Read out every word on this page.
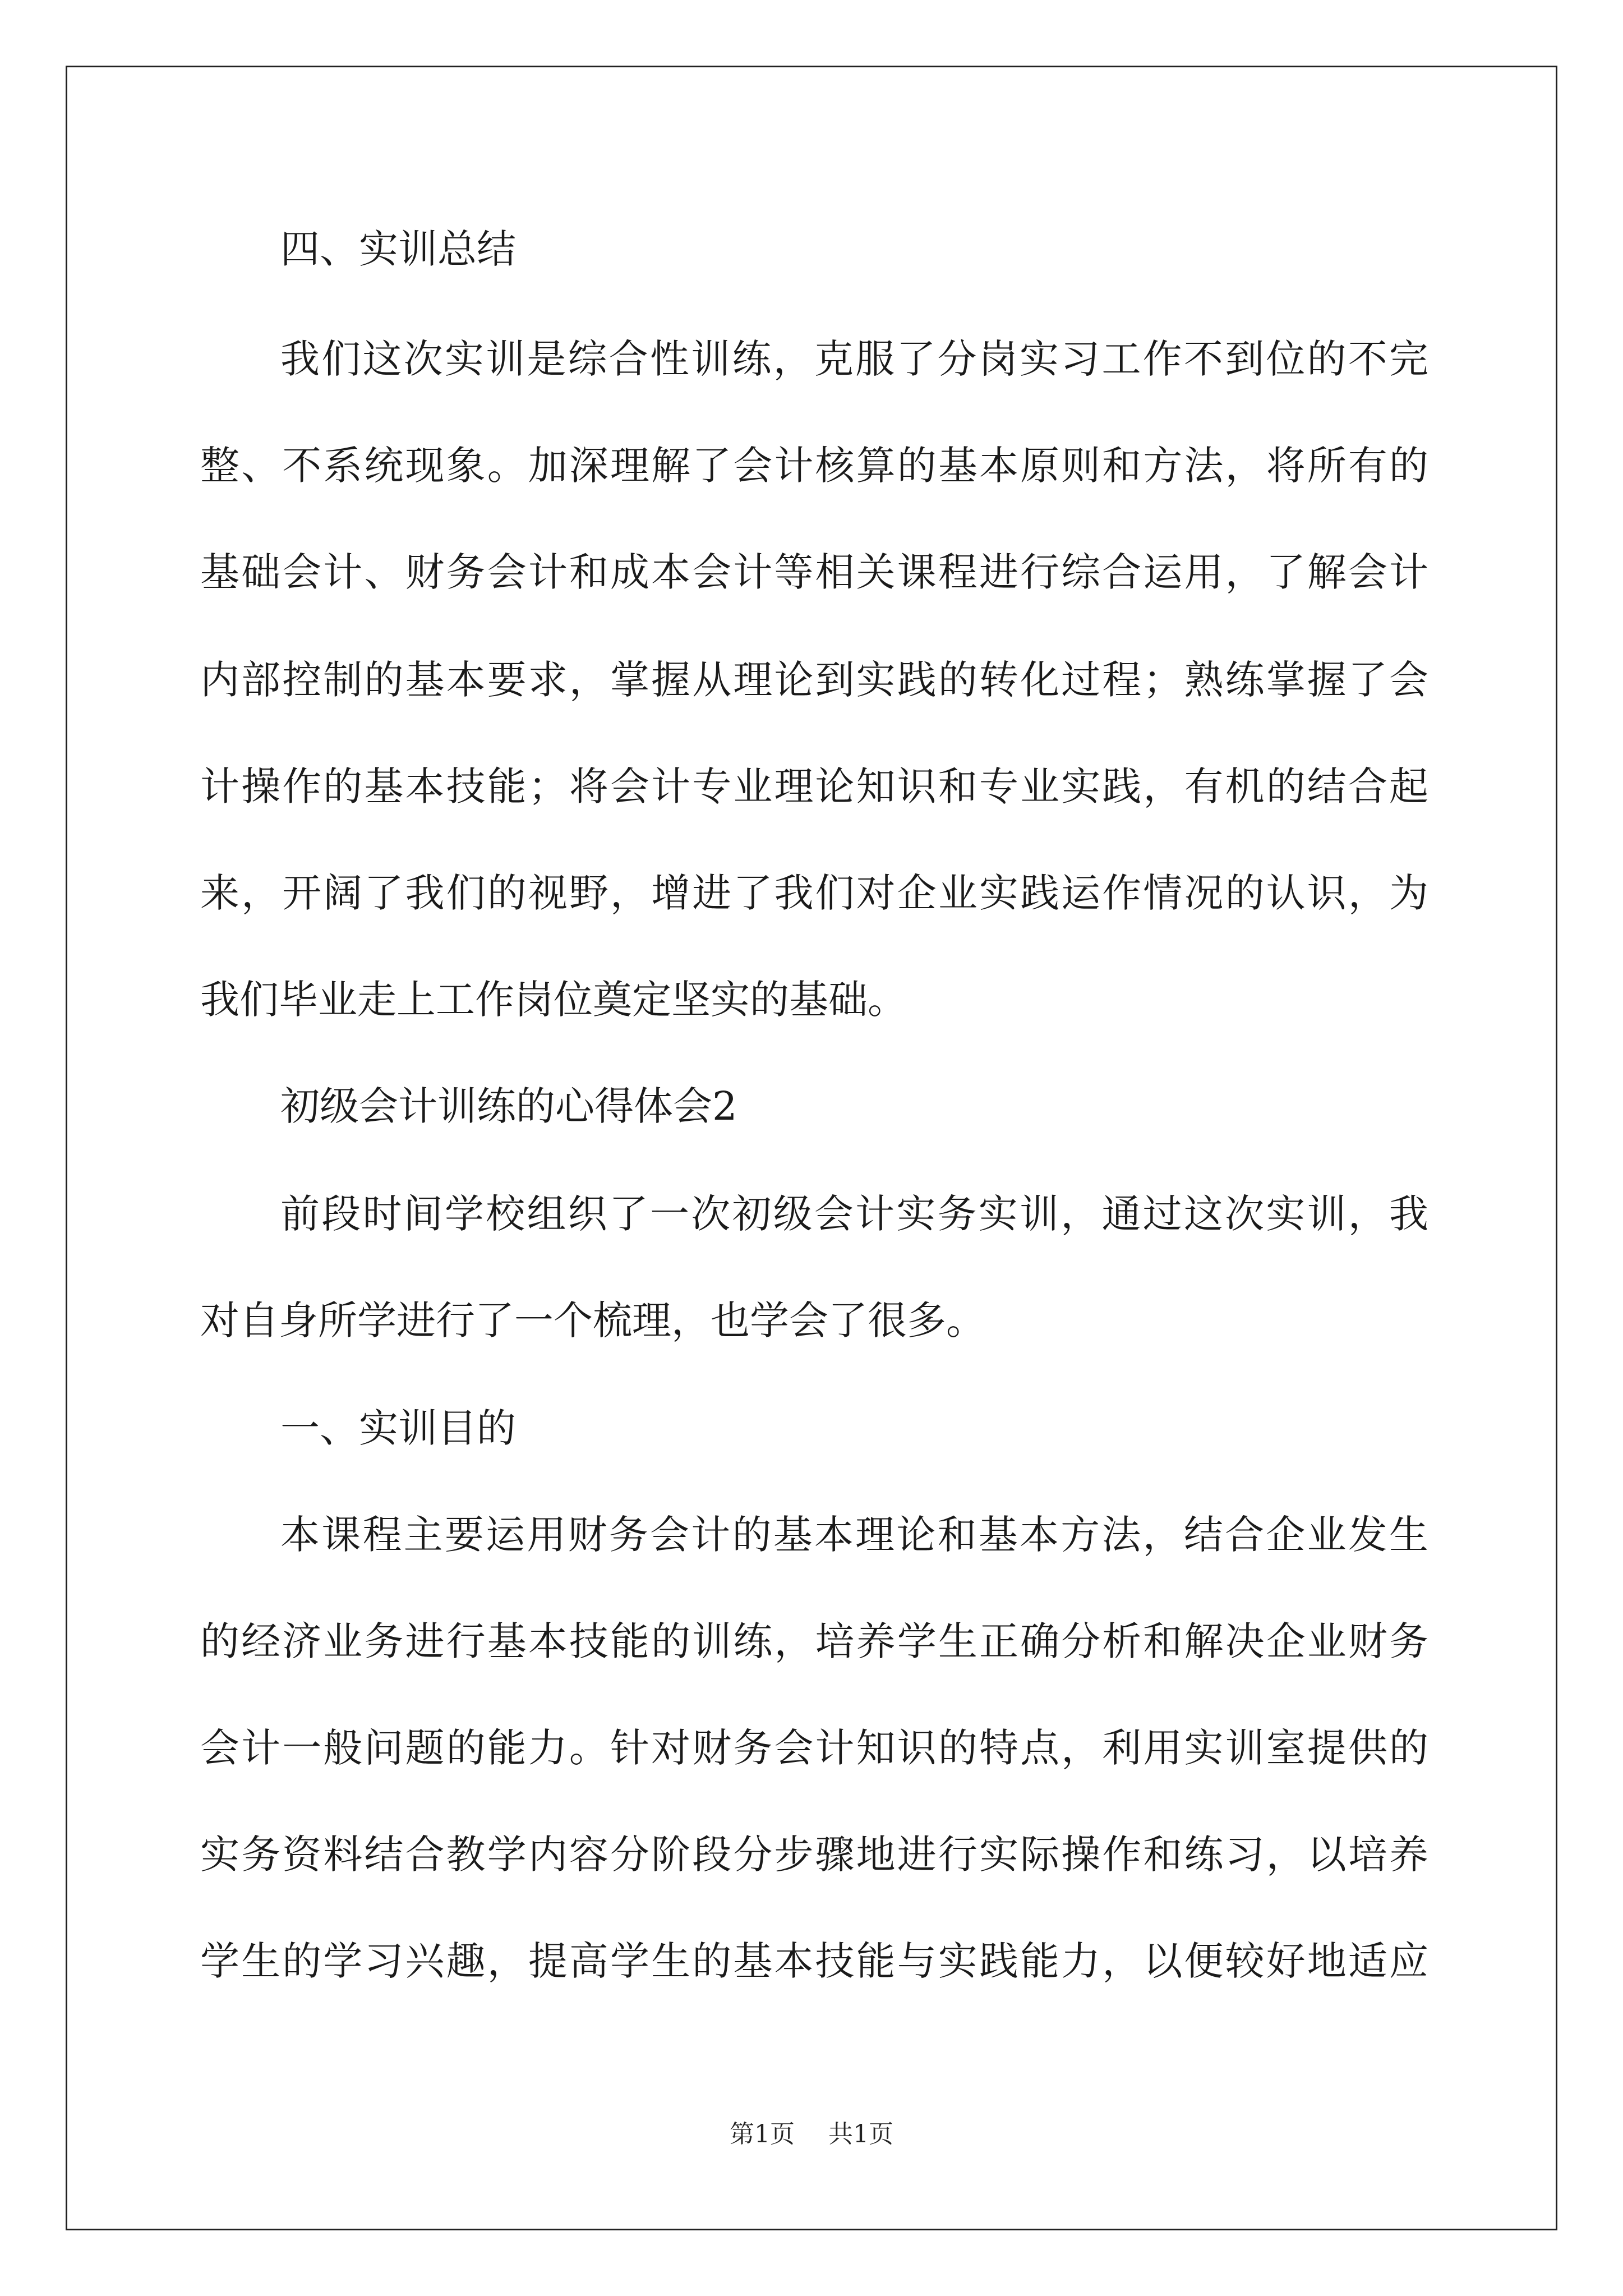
四、实训总结
我们这次实训是综合性训练，克服了分岗实习工作不到位的不完
整、不系统现象。加深理解了会计核算的基本原则和方法，将所有的
基础会计、财务会计和成本会计等相关课程进行综合运用，了解会计
内部控制的基本要求，掌握从理论到实践的转化过程；熟练掌握了会
计操作的基本技能；将会计专业理论知识和专业实践，有机的结合起
来，开阔了我们的视野，增进了我们对企业实践运作情况的认识，为
我们毕业走上工作岗位奠定坚实的基础。
初级会计训练的心得体会2
前段时间学校组织了一次初级会计实务实训，通过这次实训，我
对自身所学进行了一个梳理，也学会了很多。
一、实训目的
本课程主要运用财务会计的基本理论和基本方法，结合企业发生
的经济业务进行基本技能的训练，培养学生正确分析和解决企业财务
会计一般问题的能力。针对财务会计知识的特点，利用实训室提供的
实务资料结合教学内容分阶段分步骤地进行实际操作和练习，以培养
学生的学习兴趣，提高学生的基本技能与实践能力，以便较好地适应
第1页 共1页
